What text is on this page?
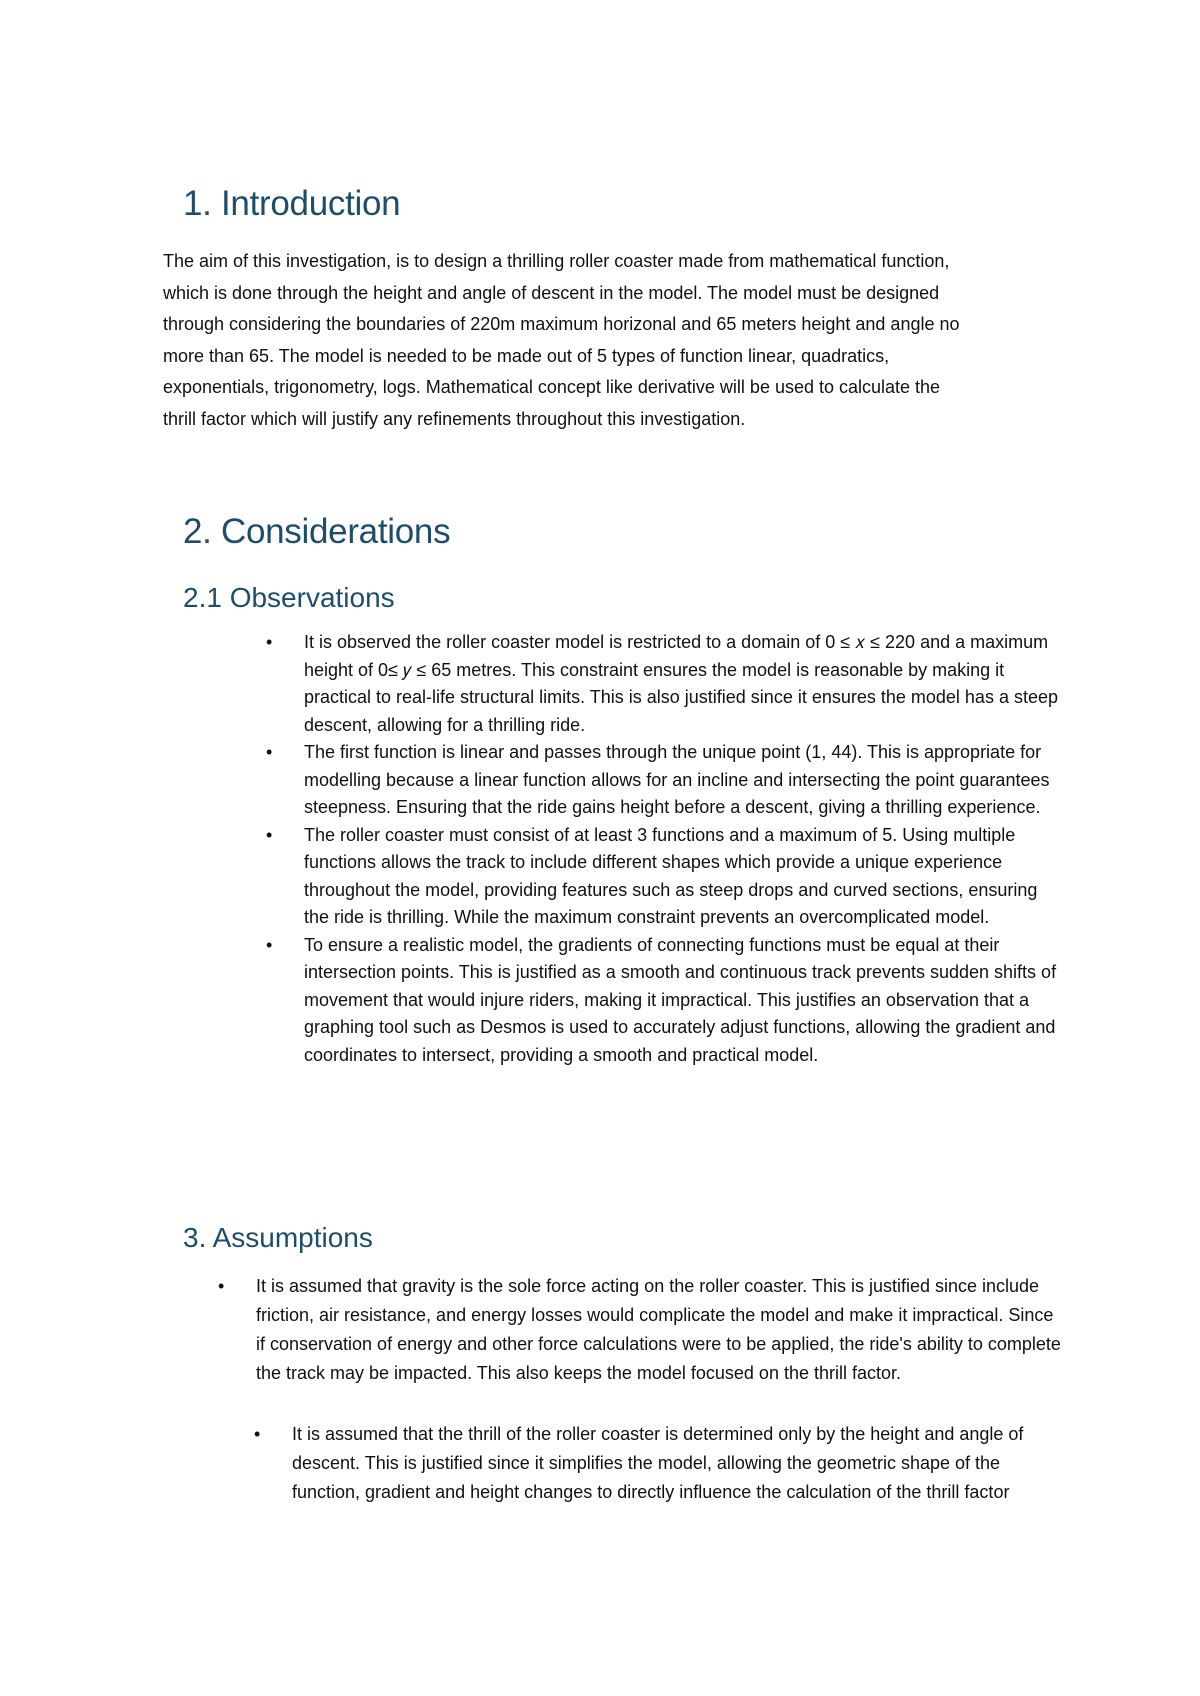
1. Introduction

The aim of this investigation, is to design a thrilling roller coaster made from mathematical function, which is done through the height and angle of descent in the model. The model must be designed through considering the boundaries of 220m maximum horizonal and 65 meters height and angle no more than 65. The model is needed to be made out of 5 types of function linear, quadratics, exponentials, trigonometry, logs. Mathematical concept like derivative will be used to calculate the thrill factor which will justify any refinements throughout this investigation.

2. Considerations
2.1 Observations
• It is observed the roller coaster model is restricted to a domain of 0 ≤ 𝑥 ≤ 220 and a maximum height of 0≤ 𝑦 ≤ 65 metres. This constraint ensures the model is reasonable by making it practical to real-life structural limits. This is also justified since it ensures the model has a steep descent, allowing for a thrilling ride.
• The first function is linear and passes through the unique point (1, 44). This is appropriate for modelling because a linear function allows for an incline and intersecting the point guarantees steepness. Ensuring that the ride gains height before a descent, giving a thrilling experience.
• The roller coaster must consist of at least 3 functions and a maximum of 5. Using multiple functions allows the track to include different shapes which provide a unique experience throughout the model, providing features such as steep drops and curved sections, ensuring the ride is thrilling. While the maximum constraint prevents an overcomplicated model.
• To ensure a realistic model, the gradients of connecting functions must be equal at their intersection points. This is justified as a smooth and continuous track prevents sudden shifts of movement that would injure riders, making it impractical. This justifies an observation that a graphing tool such as Desmos is used to accurately adjust functions, allowing the gradient and coordinates to intersect, providing a smooth and practical model.
3. Assumptions
• It is assumed that gravity is the sole force acting on the roller coaster. This is justified since include friction, air resistance, and energy losses would complicate the model and make it impractical. Since if conservation of energy and other force calculations were to be applied, the ride's ability to complete the track may be impacted. This also keeps the model focused on the thrill factor.
• It is assumed that the thrill of the roller coaster is determined only by the height and angle of descent. This is justified since it simplifies the model, allowing the geometric shape of the function, gradient and height changes to directly influence the calculation of the thrill factor
